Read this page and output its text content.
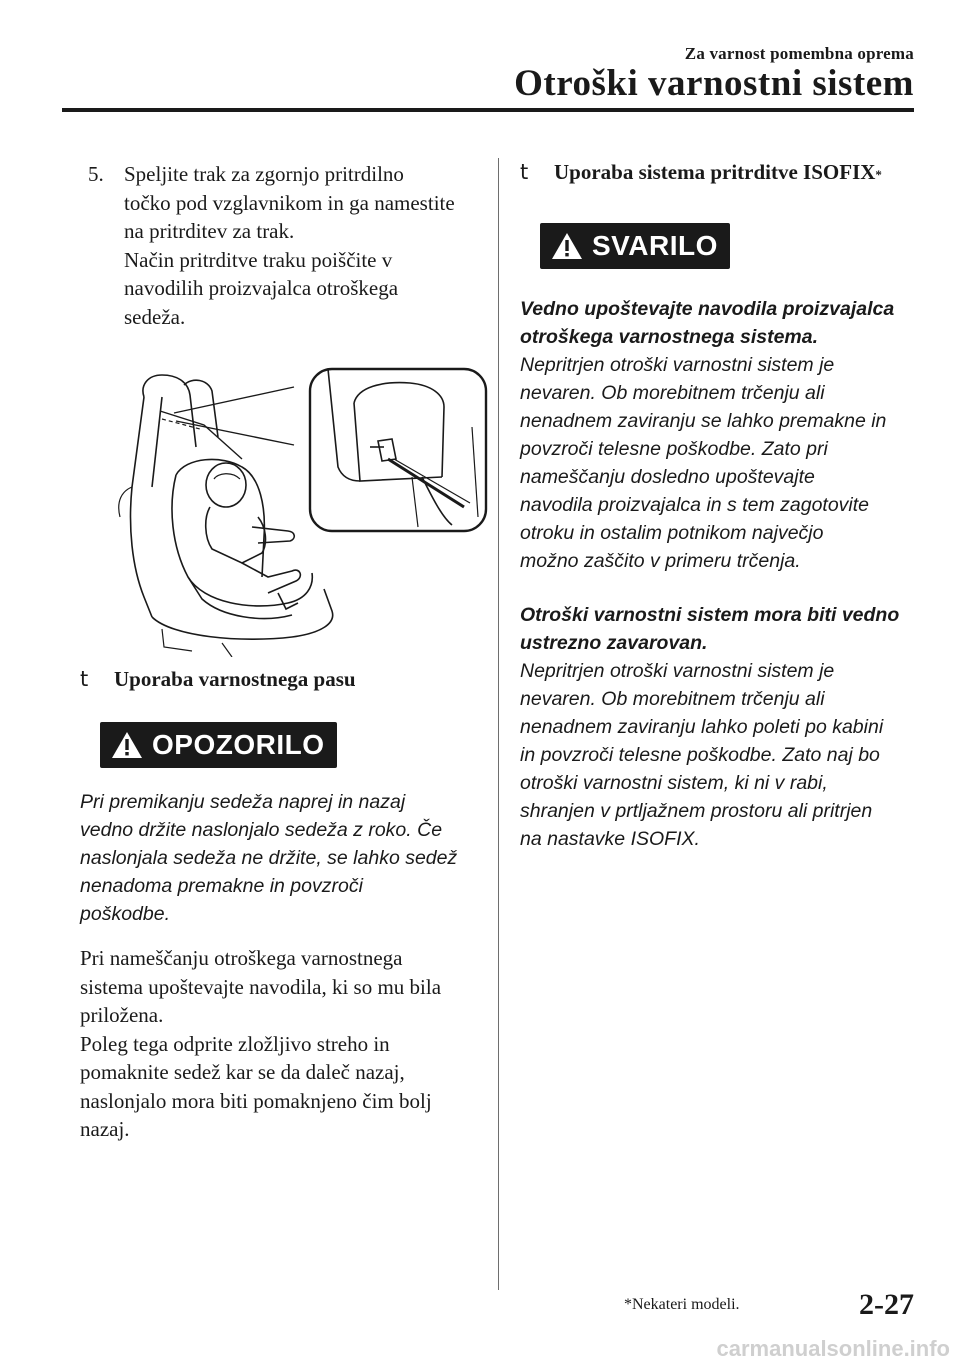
Za varnost pomembna oprema
Otroški varnostni sistem
5. Speljite trak za zgornjo pritrdilno
točko pod vzglavnikom in ga namestite
na pritrditev za trak.
Način pritrditve traku poiščite v
navodilih proizvajalca otroškega
sedeža.
t	Uporaba varnostnega pasu
OPOZORILO
Pri premikanju sedeža naprej in nazaj
vedno držite naslonjalo sedeža z roko. Če
naslonjala sedeža ne držite, se lahko sedež
nenadoma premakne in povzroči
poškodbe.
Pri nameščanju otroškega varnostnega
sistema upoštevajte navodila, ki so mu bila
priložena.
Poleg tega odprite zložljivo streho in
pomaknite sedež kar se da daleč nazaj,
naslonjalo mora biti pomaknjeno čim bolj
nazaj.
t	Uporaba sistema pritrditve ISOFIX *
SVARILO
Vedno upoštevajte navodila proizvajalca
otroškega varnostnega sistema.
Nepritrjen otroški varnostni sistem je
nevaren. Ob morebitnem trčenju ali
nenadnem zaviranju se lahko premakne in
povzroči telesne poškodbe. Zato pri
nameščanju dosledno upoštevajte
navodila proizvajalca in s tem zagotovite
otroku in ostalim potnikom največjo
možno zaščito v primeru trčenja.
Otroški varnostni sistem mora biti vedno
ustrezno zavarovan.
Nepritrjen otroški varnostni sistem je
nevaren. Ob morebitnem trčenju ali
nenadnem zaviranju lahko poleti po kabini
in povzroči telesne poškodbe. Zato naj bo
otroški varnostni sistem, ki ni v rabi,
shranjen v prtljažnem prostoru ali pritrjen
na nastavke ISOFIX.
*Nekateri modeli.	2-27
carmanualsonline.info
